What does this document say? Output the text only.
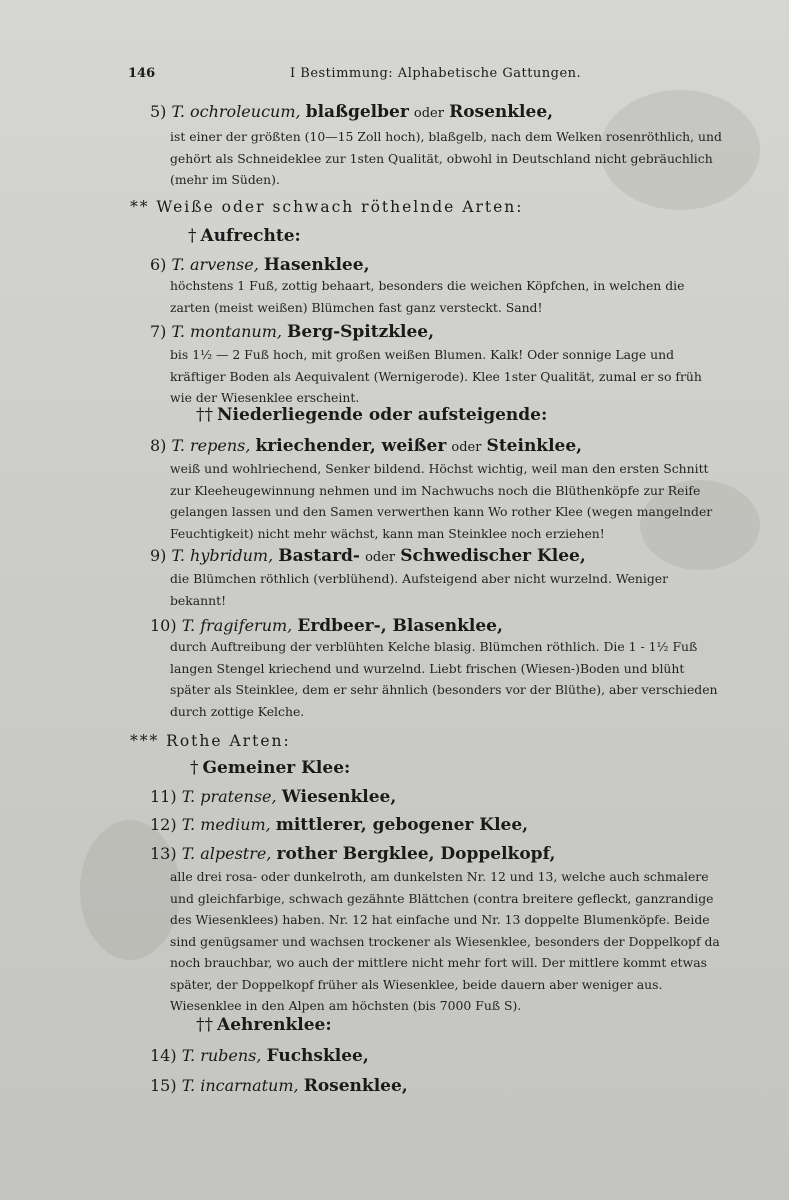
146	I Bestimmung: Alphabetische Gattungen.
5) T. ochroleucum, blaßgelber oder Rosenklee,
ist einer der größten (10—15 Zoll hoch), blaßgelb, nach dem Welken rosenröthlich, und gehört als Schneideklee zur 1sten Qualität, obwohl in Deutschland nicht gebräuchlich (mehr im Süden).
** Weiße oder schwach röthelnde Arten:
† Aufrechte:
6) T. arvense, Hasenklee,
höchstens 1 Fuß, zottig behaart, besonders die weichen Köpfchen, in welchen die zarten (meist weißen) Blümchen fast ganz versteckt. Sand!
7) T. montanum, Berg-Spitzklee,
bis 1½ — 2 Fuß hoch, mit großen weißen Blumen. Kalk! Oder sonnige Lage und kräftiger Boden als Aequivalent (Wernigerode). Klee 1ster Qualität, zumal er so früh wie der Wiesenklee erscheint.
†† Niederliegende oder aufsteigende:
8) T. repens, kriechender, weißer oder Steinklee,
weiß und wohlriechend, Senker bildend. Höchst wichtig, weil man den ersten Schnitt zur Kleeheugewinnung nehmen und im Nachwuchs noch die Blüthenköpfe zur Reife gelangen lassen und den Samen verwerthen kann Wo rother Klee (wegen mangelnder Feuchtigkeit) nicht mehr wächst, kann man Steinklee noch erziehen!
9) T. hybridum, Bastard- oder Schwedischer Klee,
die Blümchen röthlich (verblühend). Aufsteigend aber nicht wurzelnd. Weniger bekannt!
10) T. fragiferum, Erdbeer-, Blasenklee,
durch Auftreibung der verblühten Kelche blasig. Blümchen röthlich. Die 1 - 1½ Fuß langen Stengel kriechend und wurzelnd. Liebt frischen (Wiesen-)Boden und blüht später als Steinklee, dem er sehr ähnlich (besonders vor der Blüthe), aber verschieden durch zottige Kelche.
*** Rothe Arten:
† Gemeiner Klee:
11) T. pratense, Wiesenklee,
12) T. medium, mittlerer, gebogener Klee,
13) T. alpestre, rother Bergklee, Doppelkopf,
alle drei rosa- oder dunkelroth, am dunkelsten Nr. 12 und 13, welche auch schmalere und gleichfarbige, schwach gezähnte Blättchen (contra breitere gefleckt, ganzrandige des Wiesenklees) haben. Nr. 12 hat einfache und Nr. 13 doppelte Blumenköpfe. Beide sind genügsamer und wachsen trockener als Wiesenklee, besonders der Doppelkopf da noch brauchbar, wo auch der mittlere nicht mehr fort will. Der mittlere kommt etwas später, der Doppelkopf früher als Wiesenklee, beide dauern aber weniger aus. Wiesenklee in den Alpen am höchsten (bis 7000 Fuß S).
†† Aehrenklee:
14) T. rubens, Fuchsklee,
15) T. incarnatum, Rosenklee,
